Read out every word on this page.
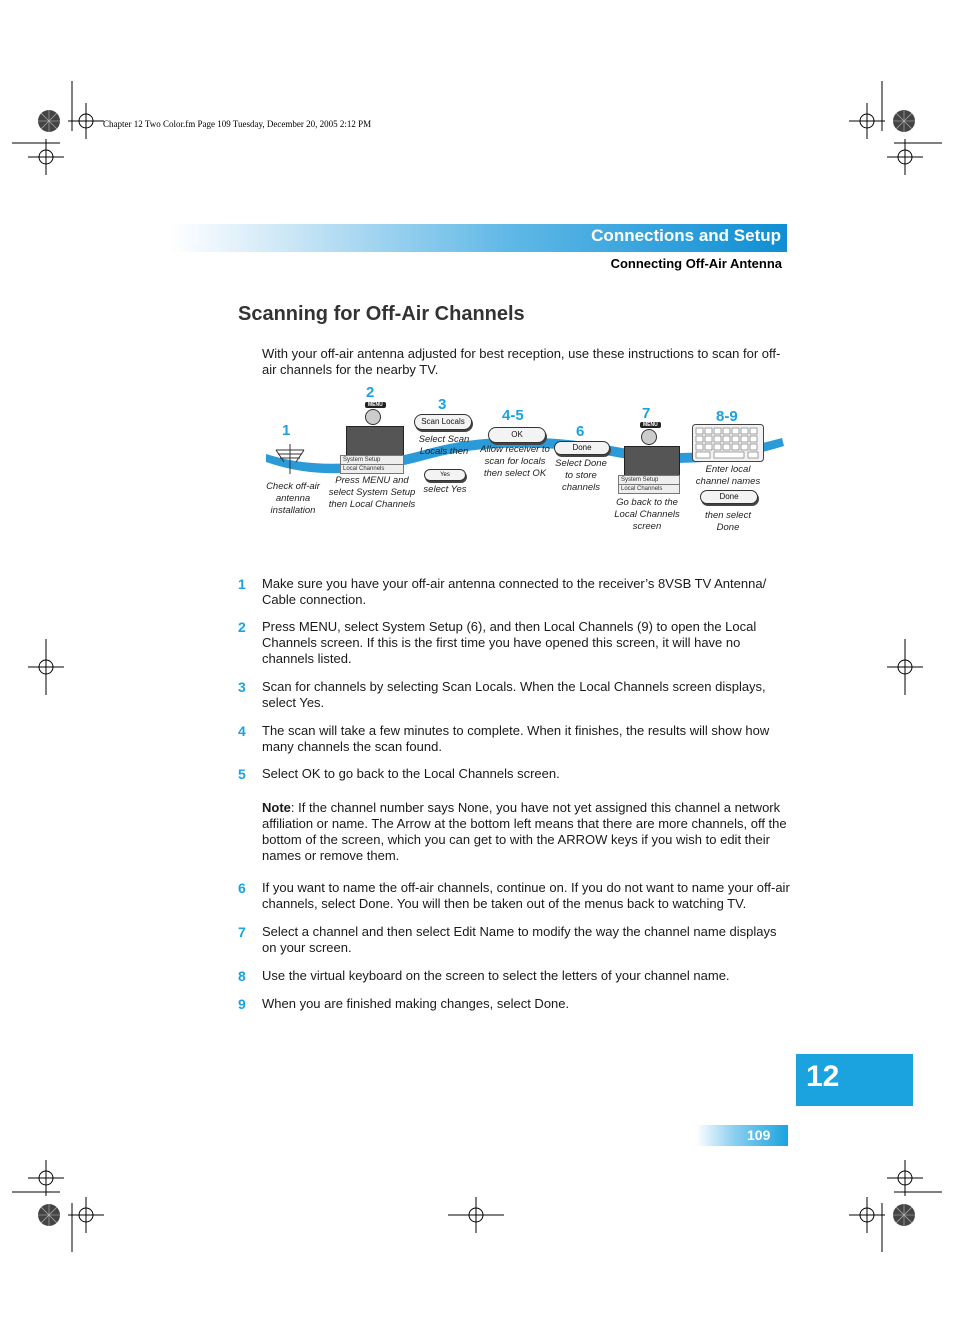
Chapter 12 Two Color.fm Page 109 Tuesday, December 20, 2005 2:12 PM
Connections and Setup
Connecting Off-Air Antenna
Scanning for Off-Air Channels
With your off-air antenna adjusted for best reception, use these instructions to scan for off-air channels for the nearby TV.
1
Check off-air antenna installation
2
MENU
System Setup
Local Channels
Press MENU and select System Setup then Local Channels
3
Scan Locals
Select Scan Locals then
Yes
select Yes
4-5
OK
Allow receiver to scan for locals then select OK
6
Done
Select Done to store channels
7
MENU
System Setup
Local Channels
Go back to the Local Channels screen
8-9
Enter local channel names
Done
then select Done
1 Make sure you have your off-air antenna connected to the receiver’s 8VSB TV Antenna/ Cable connection.
2 Press MENU, select System Setup (6), and then Local Channels (9) to open the Local Channels screen. If this is the first time you have opened this screen, it will have no channels listed.
3 Scan for channels by selecting Scan Locals. When the Local Channels screen displays, select Yes.
4 The scan will take a few minutes to complete. When it finishes, the results will show how many channels the scan found.
5 Select OK to go back to the Local Channels screen.
Note: If the channel number says None, you have not yet assigned this channel a network affiliation or name. The Arrow at the bottom left means that there are more channels, off the bottom of the screen, which you can get to with the ARROW keys if you wish to edit their names or remove them.
6 If you want to name the off-air channels, continue on. If you do not want to name your off-air channels, select Done. You will then be taken out of the menus back to watching TV.
7 Select a channel and then select Edit Name to modify the way the channel name displays on your screen.
8 Use the virtual keyboard on the screen to select the letters of your channel name.
9 When you are finished making changes, select Done.
12
109
